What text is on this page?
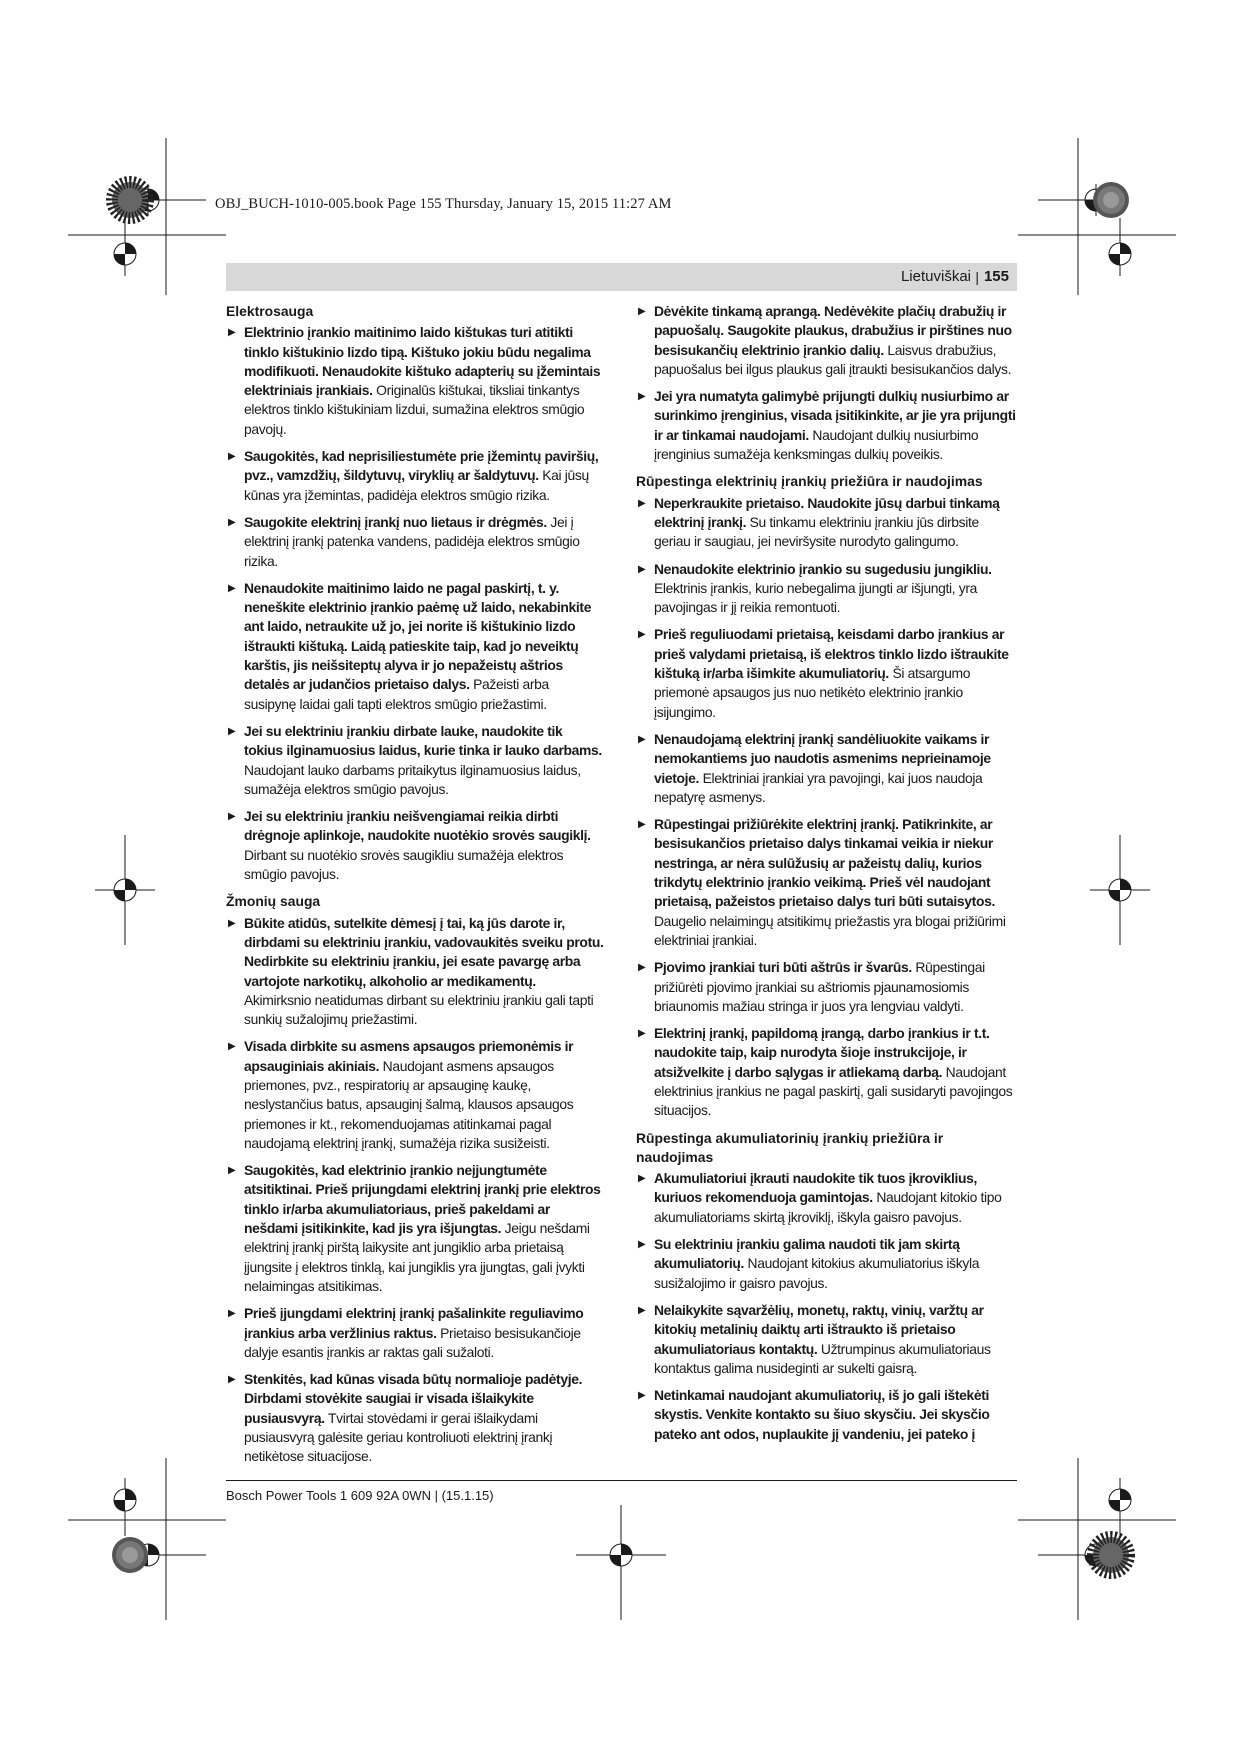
OBJ_BUCH-1010-005.book Page 155 Thursday, January 15, 2015 11:27 AM
Lietuviškai | 155
Elektrosauga
▶ Elektrinio įrankio maitinimo laido kištukas turi atitikti tinklo kištukinio lizdo tipą. Kištuko jokiu būdu negalima modifikuoti. Nenaudokite kištuko adapterių su įžemintais elektriniais įrankiais. Originalūs kištukai, tiksliai tinkantys elektros tinklo kištukiniam lizdui, sumažina elektros smūgio pavojų.
▶ Saugokitės, kad neprisiliestumėte prie įžemintų paviršių, pvz., vamzdžių, šildytuvų, viryklių ar šaldytuvų. Kai jūsų kūnas yra įžemintas, padidėja elektros smūgio rizika.
▶ Saugokite elektrinį įrankį nuo lietaus ir drėgmės. Jei į elektrinį įrankį patenka vandens, padidėja elektros smūgio rizika.
▶ Nenaudokite maitinimo laido ne pagal paskirtį, t. y. neneškite elektrinio įrankio paėmę už laido, nekabinkite ant laido, netraukite už jo, jei norite iš kištukinio lizdo ištraukti kištuką. Laidą patieskite taip, kad jo neveiktų karštis, jis neišsiteptų alyva ir jo nepažeistų aštrios detalės ar judančios prietaiso dalys. Pažeisti arba susipynę laidai gali tapti elektros smūgio priežastimi.
▶ Jei su elektriniu įrankiu dirbate lauke, naudokite tik tokius ilginamuosius laidus, kurie tinka ir lauko darbams. Naudojant lauko darbams pritaikytus ilginamuosius laidus, sumažėja elektros smūgio pavojus.
▶ Jei su elektriniu įrankiu neišvengiamai reikia dirbti drėgnoje aplinkoje, naudokite nuotėkio srovės saugiklį. Dirbant su nuotėkio srovės saugikliu sumažėja elektros smūgio pavojus.
Žmonių sauga
▶ Būkite atidūs, sutelkite dėmesį į tai, ką jūs darote ir, dirbdami su elektriniu įrankiu, vadovaukitės sveiku protu. Nedirbkite su elektriniu įrankiu, jei esate pavargę arba vartojote narkotikų, alkoholio ar medikamentų. Akimirksnio neatidumas dirbant su elektriniu įrankiu gali tapti sunkių sužalojimų priežastimi.
▶ Visada dirbkite su asmens apsaugos priemonėmis ir apsauginiais akiniais. Naudojant asmens apsaugos priemones, pvz., respiratorių ar apsauginę kaukę, neslystančius batus, apsauginį šalmą, klausos apsaugos priemones ir kt., rekomenduojamas atitinkamai pagal naudojamą elektrinį įrankį, sumažėja rizika susižeisti.
▶ Saugokitės, kad elektrinio įrankio neįjungtumėte atsitiktinai. Prieš prijungdami elektrinį įrankį prie elektros tinklo ir/arba akumuliatoriaus, prieš pakeldami ar nešdami įsitikinkite, kad jis yra išjungtas. Jeigu nešdami elektrinį įrankį pirštą laikysite ant jungiklio arba prietaisą įjungsite į elektros tinklą, kai jungiklis yra įjungtas, gali įvykti nelaimingas atsitikimas.
▶ Prieš įjungdami elektrinį įrankį pašalinkite reguliavimo įrankius arba veržlinius raktus. Prietaiso besisukančioje dalyje esantis įrankis ar raktas gali sužaloti.
▶ Stenkitės, kad kūnas visada būtų normalioje padėtyje. Dirbdami stovėkite saugiai ir visada išlaikykite pusiausvyrą. Tvirtai stovėdami ir gerai išlaikydami pusiausvyrą galėsite geriau kontroliuoti elektrinį įrankį netikėtose situacijose.
▶ Dėvėkite tinkamą aprangą. Nedėvėkite plačių drabužių ir papuošalų. Saugokite plaukus, drabužius ir pirštines nuo besisukančių elektrinio įrankio dalių. Laisvus drabužius, papuošalus bei ilgus plaukus gali įtraukti besisukančios dalys.
▶ Jei yra numatyta galimybė prijungti dulkių nusiurbimo ar surinkimo įrenginius, visada įsitikinkite, ar jie yra prijungti ir ar tinkamai naudojami. Naudojant dulkių nusiurbimo įrenginius sumažėja kenksmingas dulkių poveikis.
Rūpestinga elektrinių įrankių priežiūra ir naudojimas
▶ Neperkraukite prietaiso. Naudokite jūsų darbui tinkamą elektrinį įrankį. Su tinkamu elektriniu įrankiu jūs dirbsite geriau ir saugiau, jei neviršysite nurodyto galingumo.
▶ Nenaudokite elektrinio įrankio su sugedusiu jungikliu. Elektrinis įrankis, kurio nebegalima įjungti ar išjungti, yra pavojingas ir jį reikia remontuoti.
▶ Prieš reguliuodami prietaisą, keisdami darbo įrankius ar prieš valydami prietaisą, iš elektros tinklo lizdo ištraukite kištuką ir/arba išimkite akumuliatorių. Ši atsargumo priemonė apsaugos jus nuo netikėto elektrinio įrankio įsijungimo.
▶ Nenaudojamą elektrinį įrankį sandėliuokite vaikams ir nemokantiems juo naudotis asmenims neprieinamoje vietoje. Elektriniai įrankiai yra pavojingi, kai juos naudoja nepatyrę asmenys.
▶ Rūpestingai prižiūrėkite elektrinį įrankį. Patikrinkite, ar besisukančios prietaiso dalys tinkamai veikia ir niekur nestringa, ar nėra sulūžusių ar pažeistų dalių, kurios trikdytų elektrinio įrankio veikimą. Prieš vėl naudojant prietaisą, pažeistos prietaiso dalys turi būti sutaisytos. Daugelio nelaimingų atsitikimų priežastis yra blogai prižiūrimi elektriniai įrankiai.
▶ Pjovimo įrankiai turi būti aštrūs ir švarūs. Rūpestingai prižiūrėti pjovimo įrankiai su aštriomis pjaunamosiomis briaunomis mažiau stringa ir juos yra lengviau valdyti.
▶ Elektrinį įrankį, papildomą įrangą, darbo įrankius ir t.t. naudokite taip, kaip nurodyta šioje instrukcijoje, ir atsižvelkite į darbo sąlygas ir atliekamą darbą. Naudojant elektrinius įrankius ne pagal paskirtį, gali susidaryti pavojingos situacijos.
Rūpestinga akumuliatorinių įrankių priežiūra ir naudojimas
▶ Akumuliatoriui įkrauti naudokite tik tuos įkroviklius, kuriuos rekomenduoja gamintojas. Naudojant kitokio tipo akumuliatoriams skirtą įkroviklį, iškyla gaisro pavojus.
▶ Su elektriniu įrankiu galima naudoti tik jam skirtą akumuliatorių. Naudojant kitokius akumuliatorius iškyla susižalojimo ir gaisro pavojus.
▶ Nelaikykite sąvaržėlių, monetų, raktų, vinių, varžtų ar kitokių metalinių daiktų arti ištraukto iš prietaiso akumuliatoriaus kontaktų. Užtrumpinus akumuliatoriaus kontaktus galima nusideginti ar sukelti gaisrą.
▶ Netinkamai naudojant akumuliatorių, iš jo gali ištekėti skystis. Venkite kontakto su šiuo skysčiu. Jei skysčio pateko ant odos, nuplaukite jį vandeniu, jei pateko į
Bosch Power Tools 1 609 92A 0WN | (15.1.15)
